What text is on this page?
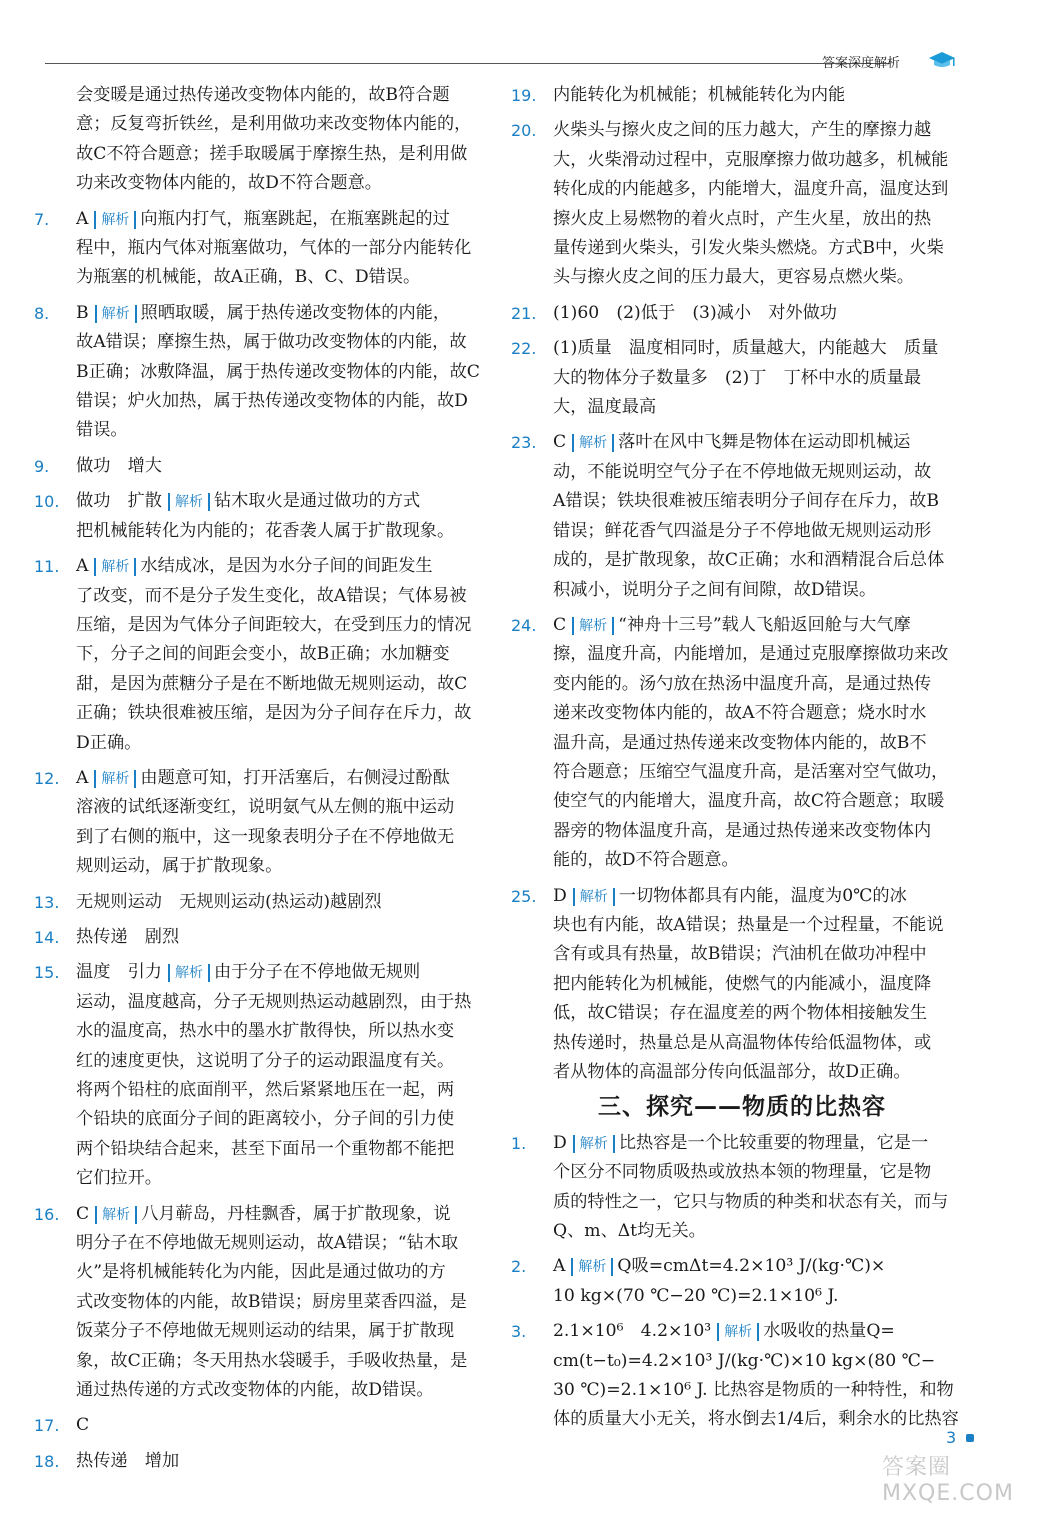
答案深度解析
会变暖是通过热传递改变物体内能的，故B符合题
意；反复弯折铁丝，是利用做功来改变物体内能的，
故C不符合题意；搓手取暖属于摩擦生热，是利用做
功来改变物体内能的，故D不符合题意。
7. A 解析 向瓶内打气，瓶塞跳起，在瓶塞跳起的过
程中，瓶内气体对瓶塞做功，气体的一部分内能转化
为瓶塞的机械能，故A正确，B、C、D错误。
8. B 解析 照晒取暖，属于热传递改变物体的内能，
故A错误；摩擦生热，属于做功改变物体的内能，故
B正确；冰敷降温，属于热传递改变物体的内能，故C
错误；炉火加热，属于热传递改变物体的内能，故D
错误。
9. 做功　增大
10. 做功　扩散 解析 钻木取火是通过做功的方式
把机械能转化为内能的；花香袭人属于扩散现象。
11. A 解析 水结成冰，是因为水分子间的间距发生
了改变，而不是分子发生变化，故A错误；气体易被
压缩，是因为气体分子间距较大，在受到压力的情况
下，分子之间的间距会变小，故B正确；水加糖变
甜，是因为蔗糖分子是在不断地做无规则运动，故C
正确；铁块很难被压缩，是因为分子间存在斥力，故
D正确。
12. A 解析 由题意可知，打开活塞后，右侧浸过酚酞
溶液的试纸逐渐变红，说明氨气从左侧的瓶中运动
到了右侧的瓶中，这一现象表明分子在不停地做无
规则运动，属于扩散现象。
13. 无规则运动　无规则运动(热运动)越剧烈
14. 热传递　剧烈
15. 温度　引力 解析 由于分子在不停地做无规则
运动，温度越高，分子无规则热运动越剧烈，由于热
水的温度高，热水中的墨水扩散得快，所以热水变
红的速度更快，这说明了分子的运动跟温度有关。
将两个铅柱的底面削平，然后紧紧地压在一起，两
个铅块的底面分子间的距离较小，分子间的引力使
两个铅块结合起来，甚至下面吊一个重物都不能把
它们拉开。
16. C 解析 八月蕲岛，丹桂飘香，属于扩散现象，说
明分子在不停地做无规则运动，故A错误；“钻木取
火”是将机械能转化为内能，因此是通过做功的方
式改变物体的内能，故B错误；厨房里菜香四溢，是
饭菜分子不停地做无规则运动的结果，属于扩散现
象，故C正确；冬天用热水袋暖手，手吸收热量，是
通过热传递的方式改变物体的内能，故D错误。
17. C
18. 热传递　增加
19. 内能转化为机械能；机械能转化为内能
20. 火柴头与擦火皮之间的压力越大，产生的摩擦力越
大，火柴滑动过程中，克服摩擦力做功越多，机械能
转化成的内能越多，内能增大，温度升高，温度达到
擦火皮上易燃物的着火点时，产生火星，放出的热
量传递到火柴头，引发火柴头燃烧。方式B中，火柴
头与擦火皮之间的压力最大，更容易点燃火柴。
21. (1)60　(2)低于　(3)减小　对外做功
22. (1)质量　温度相同时，质量越大，内能越大　质量
大的物体分子数量多　(2)丁　丁杯中水的质量最
大，温度最高
23. C 解析 落叶在风中飞舞是物体在运动即机械运
动，不能说明空气分子在不停地做无规则运动，故
A错误；铁块很难被压缩表明分子间存在斥力，故B
错误；鲜花香气四溢是分子不停地做无规则运动形
成的，是扩散现象，故C正确；水和酒精混合后总体
积减小，说明分子之间有间隙，故D错误。
24. C 解析 “神舟十三号”载人飞船返回舱与大气摩
擦，温度升高，内能增加，是通过克服摩擦做功来改
变内能的。汤勺放在热汤中温度升高，是通过热传
递来改变物体内能的，故A不符合题意；烧水时水
温升高，是通过热传递来改变物体内能的，故B不
符合题意；压缩空气温度升高，是活塞对空气做功，
使空气的内能增大，温度升高，故C符合题意；取暖
器旁的物体温度升高，是通过热传递来改变物体内
能的，故D不符合题意。
25. D 解析 一切物体都具有内能，温度为0℃的冰
块也有内能，故A错误；热量是一个过程量，不能说
含有或具有热量，故B错误；汽油机在做功冲程中
把内能转化为机械能，使燃气的内能减小，温度降
低，故C错误；存在温度差的两个物体相接触发生
热传递时，热量总是从高温物体传给低温物体，或
者从物体的高温部分传向低温部分，故D正确。
三、探究——物质的比热容
1. D 解析 比热容是一个比较重要的物理量，它是一
个区分不同物质吸热或放热本领的物理量，它是物
质的特性之一，它只与物质的种类和状态有关，而与
Q、m、Δt均无关。
2. A 解析 Q吸=cmΔt=4.2×10³ J/(kg·℃)×
10 kg×(70 ℃−20 ℃)=2.1×10⁶ J.
3. 2.1×10⁶　4.2×10³ 解析 水吸收的热量Q=
cm(t−t₀)=4.2×10³ J/(kg·℃)×10 kg×(80 ℃−
30 ℃)=2.1×10⁶ J. 比热容是物质的一种特性，和物
体的质量大小无关，将水倒去1/4后，剩余水的比热容
3
答案圈 MXQE.COM
